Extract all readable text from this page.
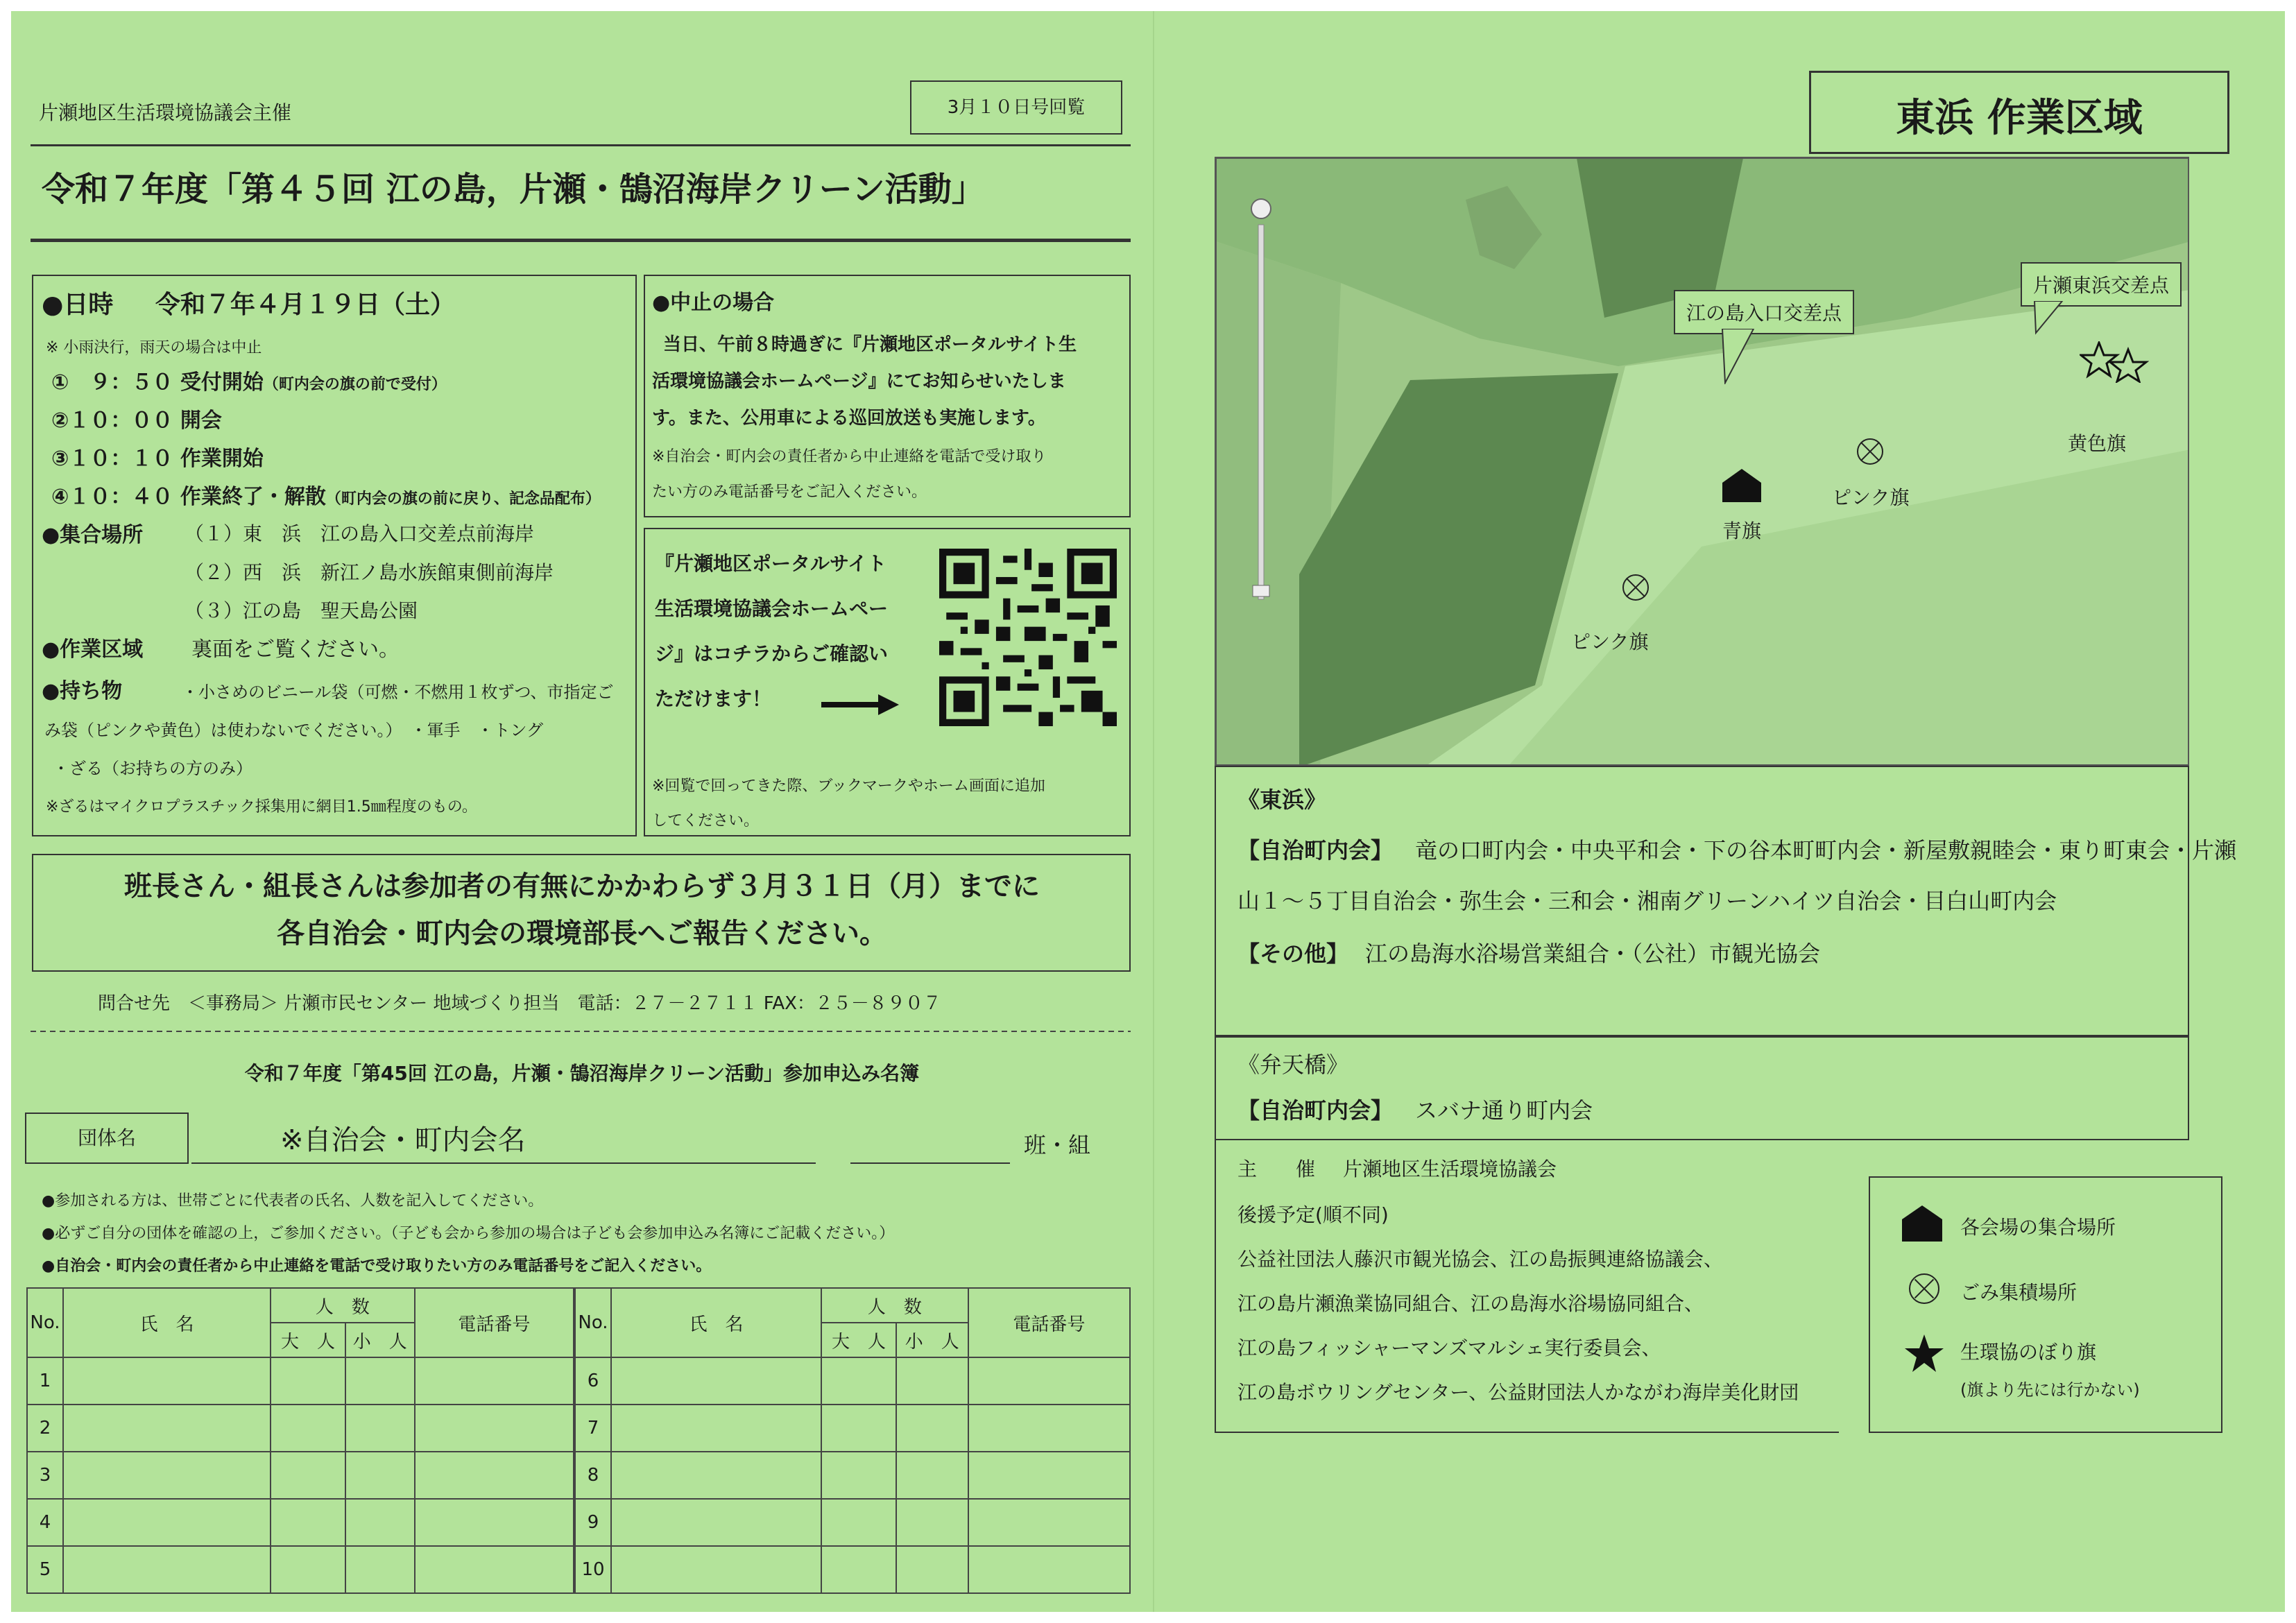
片瀬地区生活環境協議会主催	3月１０日号回覧
令和７年度「第４５回 江の島，片瀬・鵠沼海岸クリーン活動」
●日時 令和７年４月１９日（土）
※ 小雨決行，雨天の場合は中止
①　９：５０ 受付開始（町内会の旗の前で受付）
②１０：００ 開会
③１０：１０ 作業開始
④１０：４０ 作業終了・解散（町内会の旗の前に戻り、記念品配布）
●集合場所 （１）東　浜　江の島入口交差点前海岸
（２）西　浜　新江ノ島水族館東側前海岸
（３）江の島　聖天島公園
●作業区域 裏面をご覧ください。
●持ち物	・小さめのビニール袋（可燃・不燃用１枚ずつ、市指定ご
み袋（ピンクや黄色）は使わないでください。）　・軍手　・トング
・ざる（お持ちの方のみ）
※ざるはマイクロプラスチック採集用に網目1.5㎜程度のもの。
●中止の場合
当日、午前８時過ぎに『片瀬地区ポータルサイト生
活環境協議会ホームページ』にてお知らせいたしま
す。また、公用車による巡回放送も実施します。
※自治会・町内会の責任者から中止連絡を電話で受け取り
たい方のみ電話番号をご記入ください。
『片瀬地区ポータルサイト
生活環境協議会ホームペー
ジ』はコチラからご確認い
ただけます！
※回覧で回ってきた際、ブックマークやホーム画面に追加
してください。
班長さん・組長さんは参加者の有無にかかわらず３月３１日（月）までに
各自治会・町内会の環境部長へご報告ください。
問合せ先　＜事務局＞ 片瀬市民センター 地域づくり担当　電話：２７－２７１１ FAX：２５－８９０７
令和７年度「第45回 江の島，片瀬・鵠沼海岸クリーン活動」参加申込み名簿
団体名	※自治会・町内会名	班・組
●参加される方は、世帯ごとに代表者の氏名、人数を記入してください。
●必ずご自分の団体を確認の上，ご参加ください。（子ども会から参加の場合は子ども会参加申込み名簿にご記載ください。）
●自治会・町内会の責任者から中止連絡を電話で受け取りたい方のみ電話番号をご記入ください。
No.	氏　名	人　数		電話番号
		大　人	小　人	
1				
2				
3				
4				
5				
No.	氏　名	人　数		電話番号
		大　人	小　人	
6				
7				
8				
9				
10				
東浜 作業区域
江の島入口交差点
片瀬東浜交差点
黄色旗
青旗
ピンク旗
ピンク旗
《東浜》
【自治町内会】 竜の口町内会・中央平和会・下の谷本町町内会・新屋敷親睦会・東り町東会・片瀬
山１～５丁目自治会・弥生会・三和会・湘南グリーンハイツ自治会・目白山町内会
【その他】 江の島海水浴場営業組合・（公社）市観光協会
《弁天橋》
【自治町内会】 スバナ通り町内会
主　　催 片瀬地区生活環境協議会
後援予定(順不同)
公益社団法人藤沢市観光協会、江の島振興連絡協議会、
江の島片瀬漁業協同組合、江の島海水浴場協同組合、
江の島フィッシャーマンズマルシェ実行委員会、
江の島ボウリングセンター、公益財団法人かながわ海岸美化財団
各会場の集合場所
ごみ集積場所
生環協のぼり旗
(旗より先には行かない)
